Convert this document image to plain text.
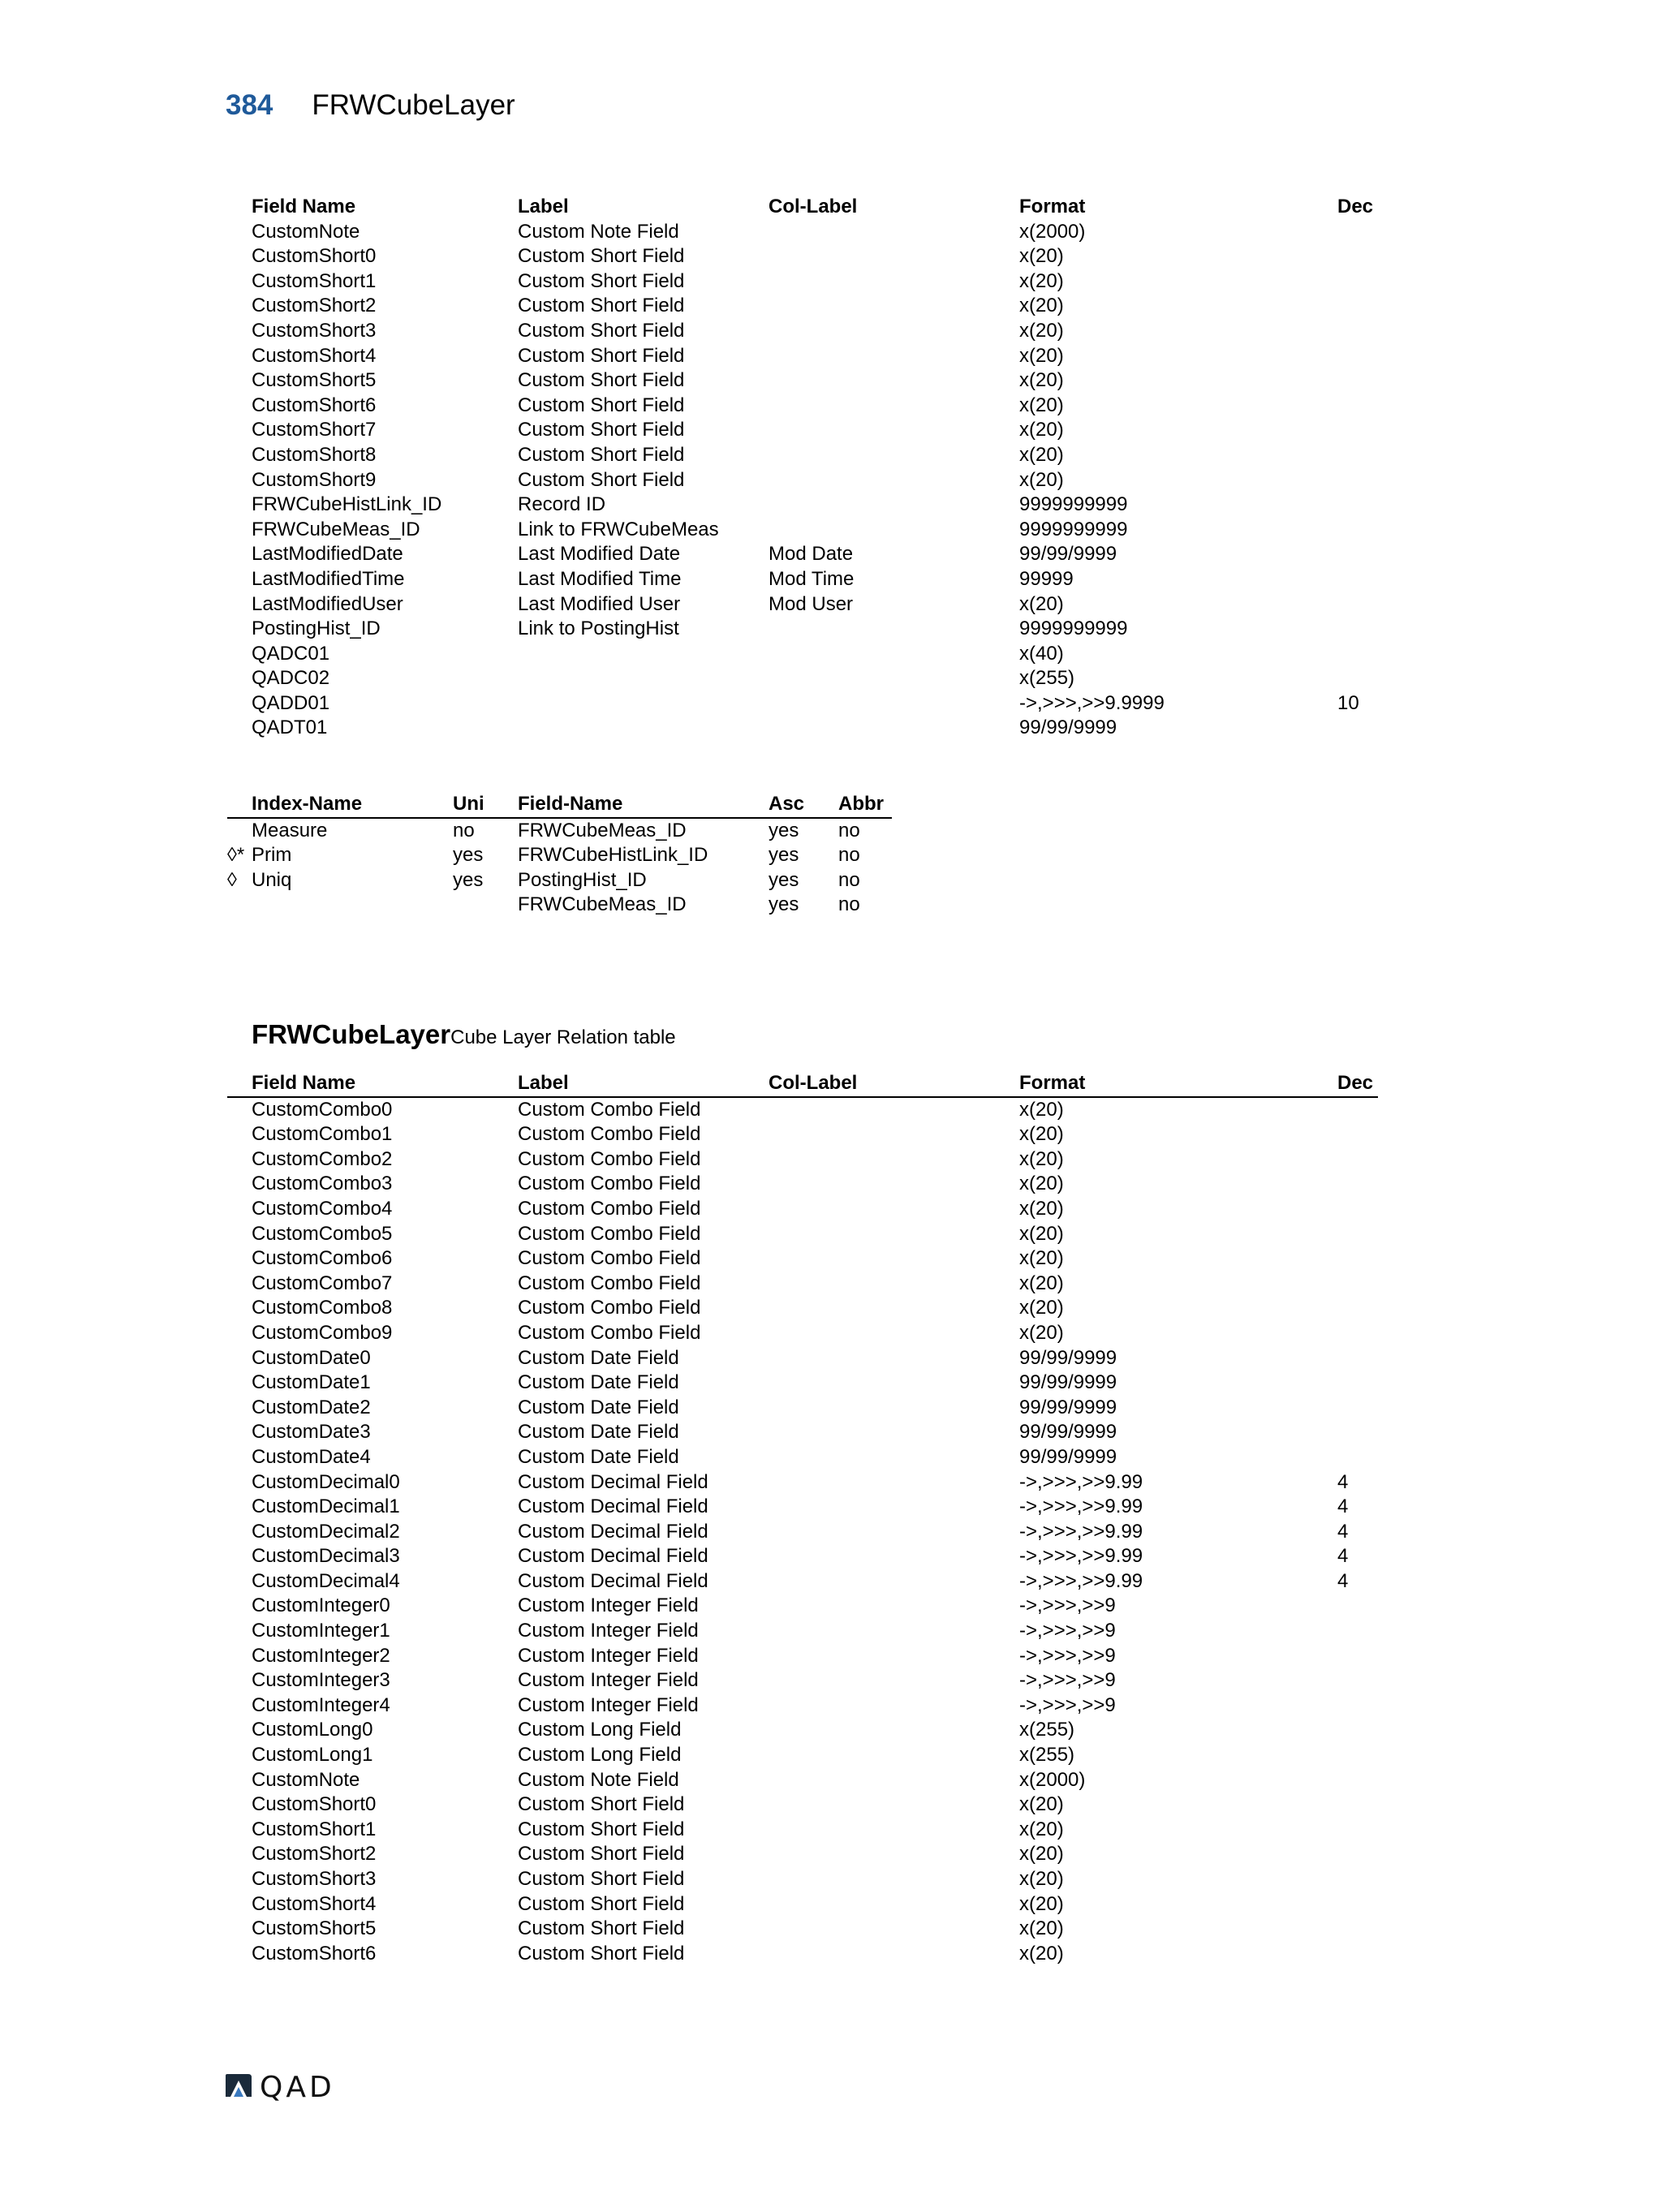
384 FRWCubeLayer
	Field Name	Label	Col-Label	Format	Dec
	CustomNote	Custom Note Field		x(2000)	
	CustomShort0	Custom Short Field		x(20)	
	CustomShort1	Custom Short Field		x(20)	
	CustomShort2	Custom Short Field		x(20)	
	CustomShort3	Custom Short Field		x(20)	
	CustomShort4	Custom Short Field		x(20)	
	CustomShort5	Custom Short Field		x(20)	
	CustomShort6	Custom Short Field		x(20)	
	CustomShort7	Custom Short Field		x(20)	
	CustomShort8	Custom Short Field		x(20)	
	CustomShort9	Custom Short Field		x(20)	
	FRWCubeHistLink_ID	Record ID		9999999999	
	FRWCubeMeas_ID	Link to FRWCubeMeas		9999999999	
	LastModifiedDate	Last Modified Date	Mod Date	99/99/9999	
	LastModifiedTime	Last Modified Time	Mod Time	99999	
	LastModifiedUser	Last Modified User	Mod User	x(20)	
	PostingHist_ID	Link to PostingHist		9999999999	
	QADC01			x(40)	
	QADC02			x(255)	
	QADD01			->,>>>,>>9.9999	10
	QADT01			99/99/9999	
	Index-Name	Uni	Field-Name	Asc	Abbr
	Measure	no	FRWCubeMeas_ID	yes	no
◊*	Prim	yes	FRWCubeHistLink_ID	yes	no
◊	Uniq	yes	PostingHist_ID	yes	no
			FRWCubeMeas_ID	yes	no
FRWCubeLayer Cube Layer Relation table
	Field Name	Label	Col-Label	Format	Dec
	CustomCombo0	Custom Combo Field		x(20)	
	CustomCombo1	Custom Combo Field		x(20)	
	CustomCombo2	Custom Combo Field		x(20)	
	CustomCombo3	Custom Combo Field		x(20)	
	CustomCombo4	Custom Combo Field		x(20)	
	CustomCombo5	Custom Combo Field		x(20)	
	CustomCombo6	Custom Combo Field		x(20)	
	CustomCombo7	Custom Combo Field		x(20)	
	CustomCombo8	Custom Combo Field		x(20)	
	CustomCombo9	Custom Combo Field		x(20)	
	CustomDate0	Custom Date Field		99/99/9999	
	CustomDate1	Custom Date Field		99/99/9999	
	CustomDate2	Custom Date Field		99/99/9999	
	CustomDate3	Custom Date Field		99/99/9999	
	CustomDate4	Custom Date Field		99/99/9999	
	CustomDecimal0	Custom Decimal Field		->,>>>,>>9.99	4
	CustomDecimal1	Custom Decimal Field		->,>>>,>>9.99	4
	CustomDecimal2	Custom Decimal Field		->,>>>,>>9.99	4
	CustomDecimal3	Custom Decimal Field		->,>>>,>>9.99	4
	CustomDecimal4	Custom Decimal Field		->,>>>,>>9.99	4
	CustomInteger0	Custom Integer Field		->,>>>,>>9	
	CustomInteger1	Custom Integer Field		->,>>>,>>9	
	CustomInteger2	Custom Integer Field		->,>>>,>>9	
	CustomInteger3	Custom Integer Field		->,>>>,>>9	
	CustomInteger4	Custom Integer Field		->,>>>,>>9	
	CustomLong0	Custom Long Field		x(255)	
	CustomLong1	Custom Long Field		x(255)	
	CustomNote	Custom Note Field		x(2000)	
	CustomShort0	Custom Short Field		x(20)	
	CustomShort1	Custom Short Field		x(20)	
	CustomShort2	Custom Short Field		x(20)	
	CustomShort3	Custom Short Field		x(20)	
	CustomShort4	Custom Short Field		x(20)	
	CustomShort5	Custom Short Field		x(20)	
	CustomShort6	Custom Short Field		x(20)	
QAD
